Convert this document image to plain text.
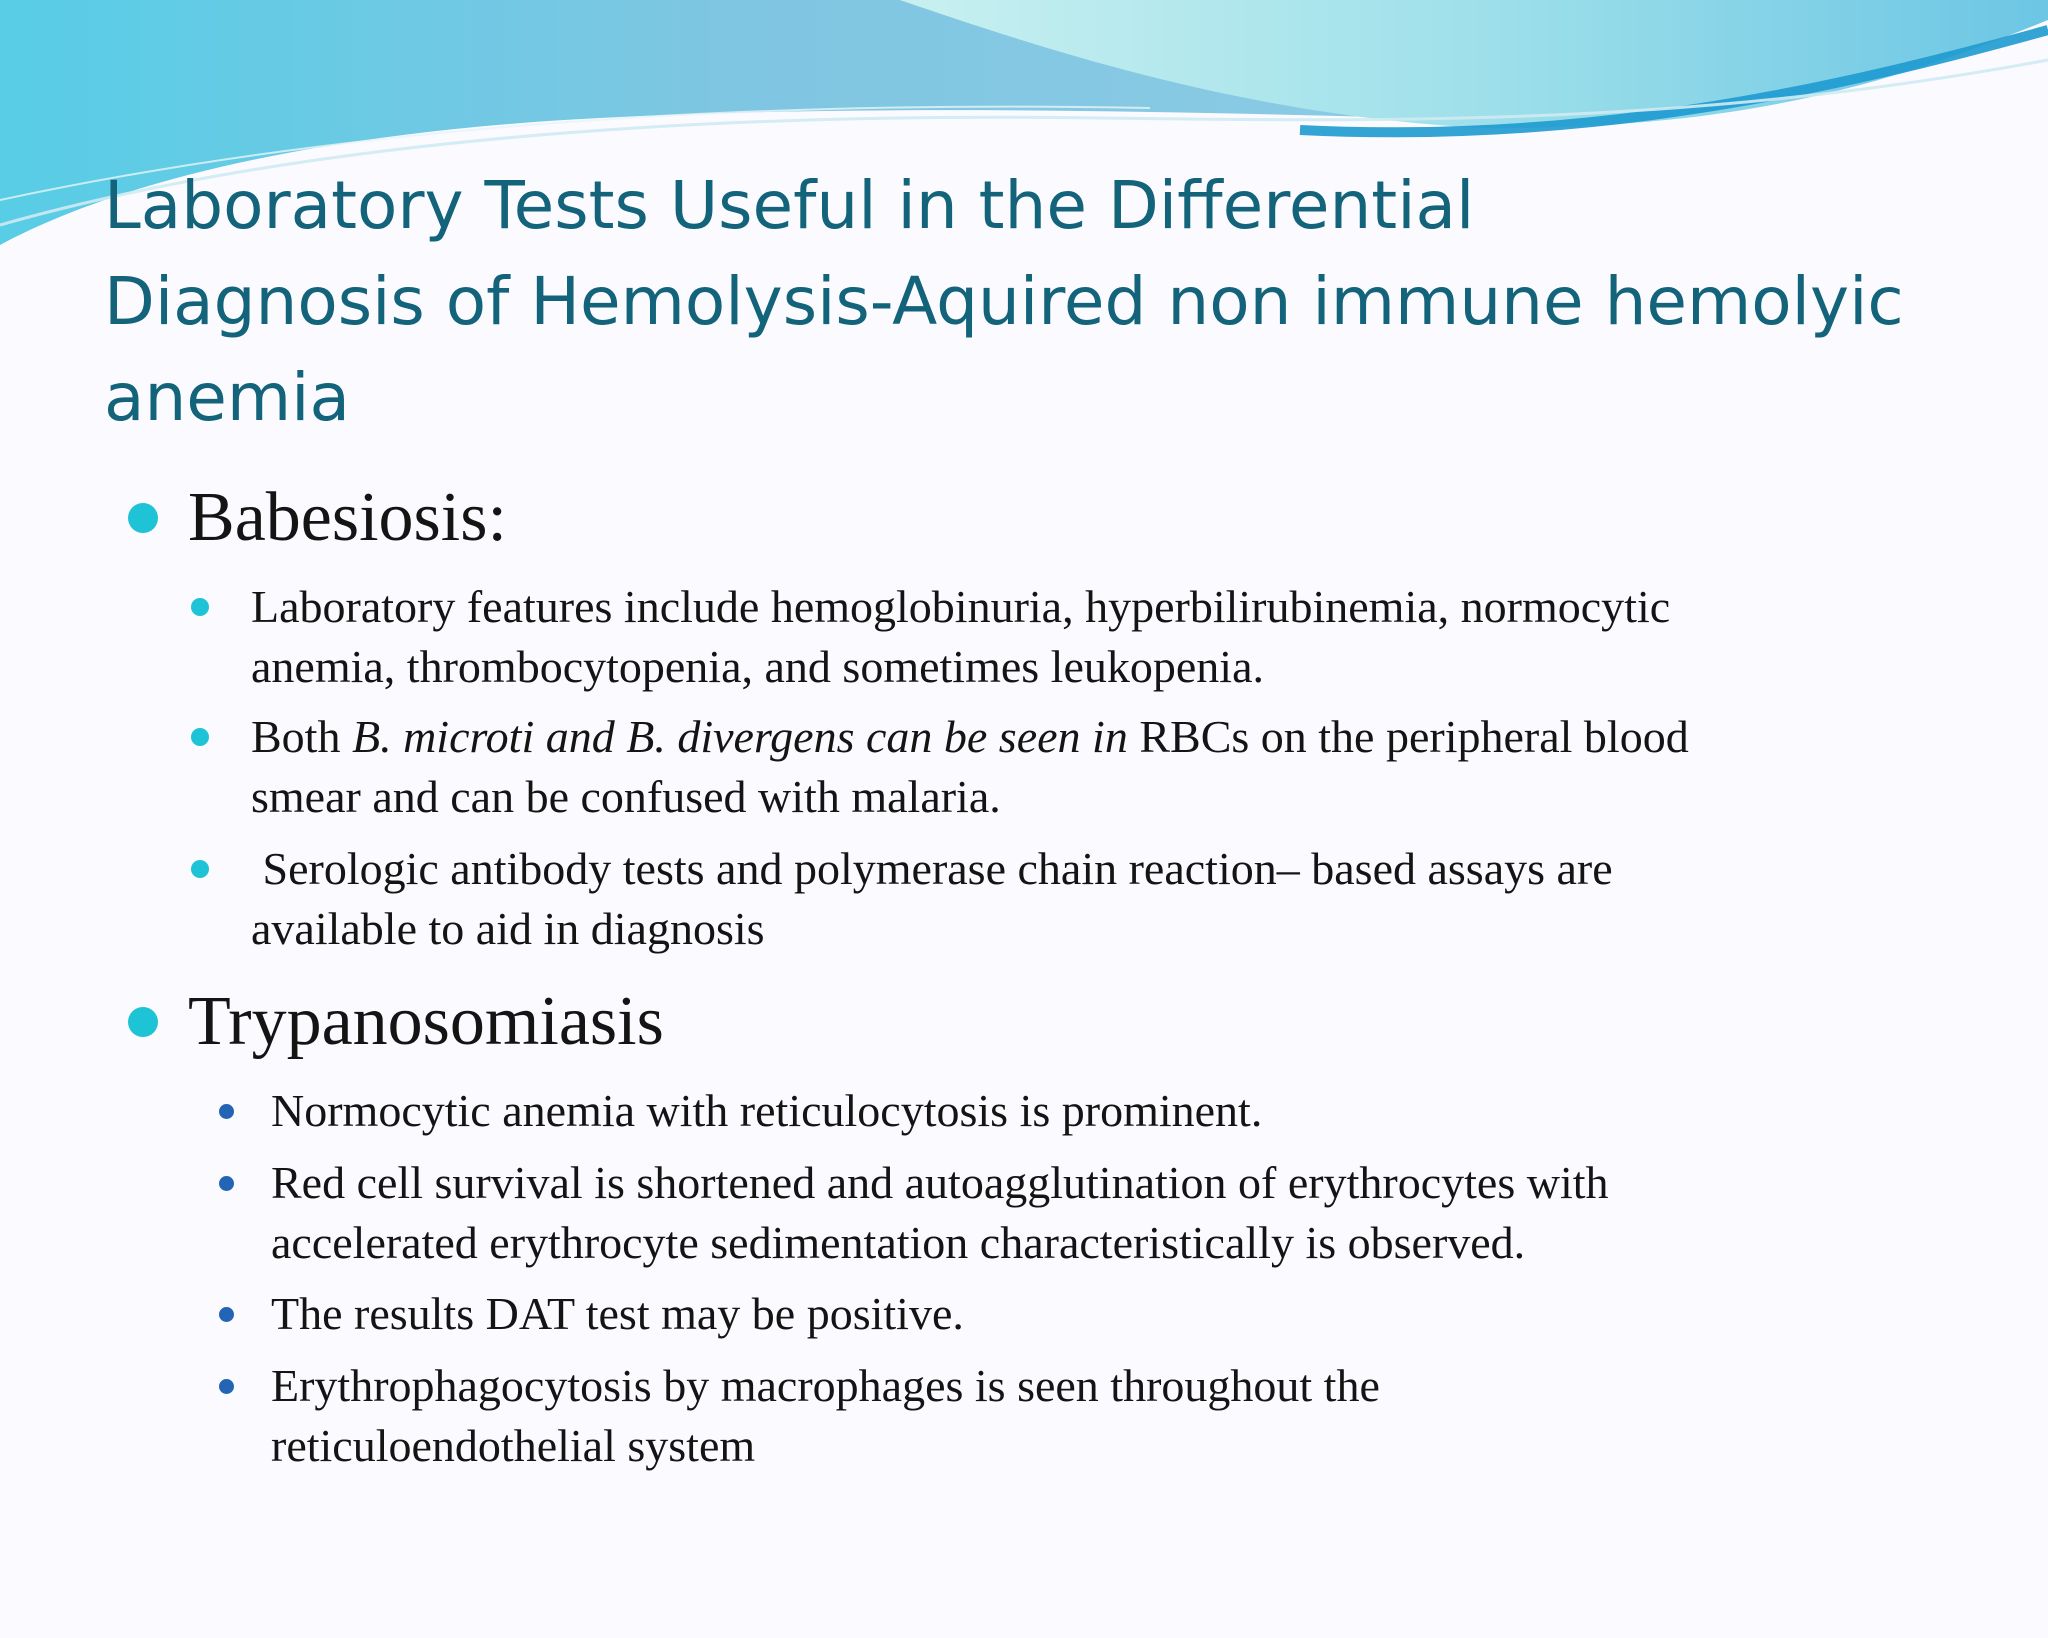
Laboratory Tests Useful in the Differential
Diagnosis of Hemolysis-Aquired non immune hemolyic
anemia
Babesiosis:
Laboratory features include hemoglobinuria, hyperbilirubinemia, normocytic
anemia, thrombocytopenia, and sometimes leukopenia.
Both B. microti and B. divergens can be seen in RBCs on the peripheral blood
smear and can be confused with malaria.
Serologic antibody tests and polymerase chain reaction– based assays are
available to aid in diagnosis
Trypanosomiasis
Normocytic anemia with reticulocytosis is prominent.
Red cell survival is shortened and autoagglutination of erythrocytes with
accelerated erythrocyte sedimentation characteristically is observed.
The results DAT test may be positive.
Erythrophagocytosis by macrophages is seen throughout the
reticuloendothelial system
